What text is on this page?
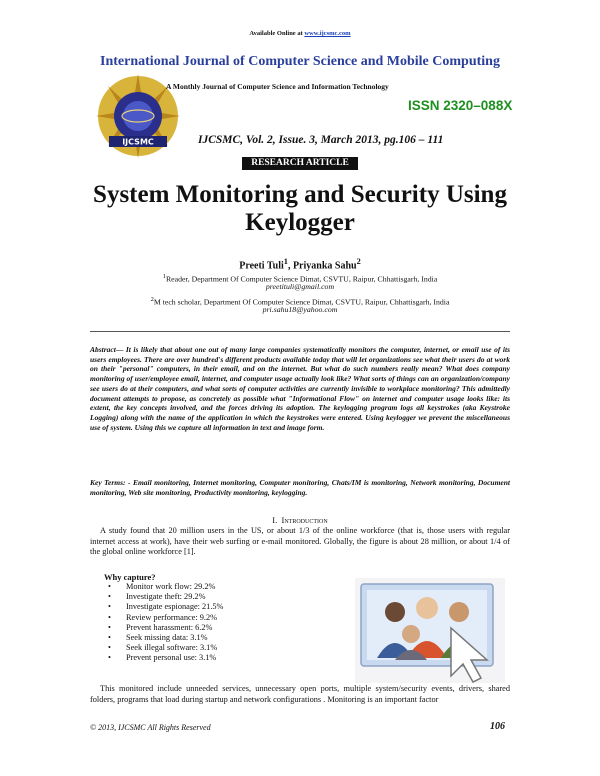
Available Online at www.ijcsmc.com
International Journal of Computer Science and Mobile Computing
IJCSMC
A Monthly Journal of Computer Science and Information Technology
ISSN 2320–088X
IJCSMC, Vol. 2, Issue. 3, March 2013, pg.106 – 111
RESEARCH ARTICLE
System Monitoring and Security Using
Keylogger
Preeti Tuli$^1$, Priyanka Sahu$^2$
$^1$Reader, Department Of Computer Science Dimat, CSVTU, Raipur, Chhattisgarh, India
preetituli@gmail.com
$^2$M tech scholar, Department Of Computer Science Dimat, CSVTU, Raipur, Chhattisgarh, India
pri.sahu18@yahoo.com
Abstract— It is likely that about one out of many large companies systematically monitors the computer, internet, or email use of its users employees. There are over hundred's different products available today that will let organizations see what their users do at work on their "personal" computers, in their email, and on the internet. But what do such numbers really mean? What does company monitoring of user/employee email, internet, and computer usage actually look like? What sorts of things can an organization/company see users do at their computers, and what sorts of computer activities are currently invisible to workplace monitoring? This admittedly document attempts to propose, as concretely as possible what "Informational Flow" on internet and computer usage looks like: its extent, the key concepts involved, and the forces driving its adoption. The keylogging program logs all keystrokes (aka Keystroke Logging) along with the name of the application in which the keystrokes were entered. Using keylogger we prevent the miscellaneous use of system. Using this we capture all information in text and image form.
Key Terms: - Email monitoring, Internet monitoring, Computer monitoring, Chats/IM is monitoring, Network monitoring, Document monitoring, Web site monitoring, Productivity monitoring, keylogging.
I. Introduction
A study found that 20 million users in the US, or about 1/3 of the online workforce (that is, those users with regular internet access at work), have their web surfing or e-mail monitored. Globally, the figure is about 28 million, or about 1/4 of the global online workforce [1].
Why capture?
• Monitor work flow: 29.2%
• Investigate theft: 29.2%
• Investigate espionage: 21.5%
• Review performance: 9.2%
• Prevent harassment: 6.2%
• Seek missing data: 3.1%
• Seek illegal software: 3.1%
• Prevent personal use: 3.1%
This monitored include unneeded services, unnecessary open ports, multiple system/security events, drivers, shared folders, programs that load during startup and network configurations . Monitoring is an important factor
© 2013, IJCSMC All Rights Reserved	106
